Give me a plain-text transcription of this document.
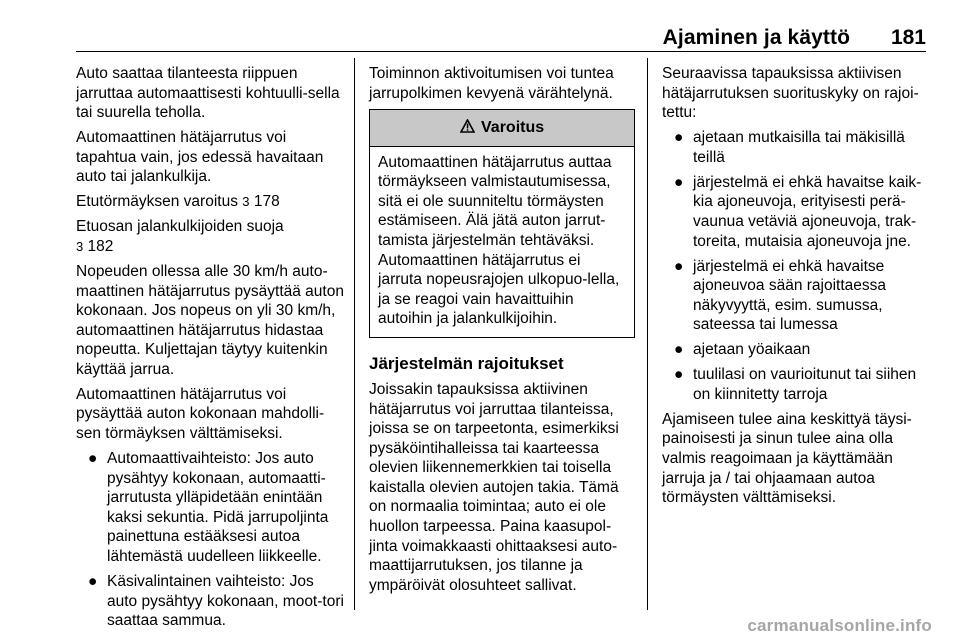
Ajaminen ja käyttö	181

Auto saattaa tilanteesta riippuen jarruttaa automaattisesti kohtuulli-sella tai suurella teholla.

Automaattinen hätäjarrutus voi tapahtua vain, jos edessä havaitaan auto tai jalankulkija.

Etutörmäyksen varoitus 3 178

Etuosan jalankulkijoiden suoja
3 182

Nopeuden ollessa alle 30 km/h auto-maattinen hätäjarrutus pysäyttää auton kokonaan. Jos nopeus on yli 30 km/h, automaattinen hätäjarrutus hidastaa nopeutta. Kuljettajan täytyy kuitenkin käyttää jarrua.

Automaattinen hätäjarrutus voi pysäyttää auton kokonaan mahdolli-sen törmäyksen välttämiseksi.

● Automaattivaihteisto: Jos auto pysähtyy kokonaan, automaatti-jarrutusta ylläpidetään enintään kaksi sekuntia. Pidä jarrupoljinta painettuna estääksesi autoa lähtemästä uudelleen liikkeelle.
● Käsivalintainen vaihteisto: Jos auto pysähtyy kokonaan, moot-tori saattaa sammua.

Toiminnon aktivoitumisen voi tuntea jarrupolkimen kevyenä värähtelynä.

Varoitus
Automaattinen hätäjarrutus auttaa törmäykseen valmistautumisessa, sitä ei ole suunniteltu törmäysten estämiseen. Älä jätä auton jarrut-tamista järjestelmän tehtäväksi. Automaattinen hätäjarrutus ei jarruta nopeusrajojen ulkopuo-lella, ja se reagoi vain havaittuihin autoihin ja jalankulkijoihin.
Järjestelmän rajoitukset

Joissakin tapauksissa aktiivinen hätäjarrutus voi jarruttaa tilanteissa, joissa se on tarpeetonta, esimerkiksi pysäköintihalleissa tai kaarteessa olevien liikennemerkkien tai toisella kaistalla olevien autojen takia. Tämä on normaalia toimintaa; auto ei ole huollon tarpeessa. Paina kaasupol-jinta voimakkaasti ohittaaksesi auto-maattijarrutuksen, jos tilanne ja ympäröivät olosuhteet sallivat.

Seuraavissa tapauksissa aktiivisen hätäjarrutuksen suorituskyky on rajoi-tettu:

● ajetaan mutkaisilla tai mäkisillä teillä
● järjestelmä ei ehkä havaitse kaik-kia ajoneuvoja, erityisesti perä-vaunua vetäviä ajoneuvoja, trak-toreita, mutaisia ajoneuvoja jne.
● järjestelmä ei ehkä havaitse ajoneuvoa sään rajoittaessa näkyvyyttä, esim. sumussa, sateessa tai lumessa
● ajetaan yöaikaan
● tuulilasi on vaurioitunut tai siihen on kiinnitetty tarroja

Ajamiseen tulee aina keskittyä täysi-painoisesti ja sinun tulee aina olla valmis reagoimaan ja käyttämään jarruja ja / tai ohjaamaan autoa törmäysten välttämiseksi.

carmanualsonline.info
